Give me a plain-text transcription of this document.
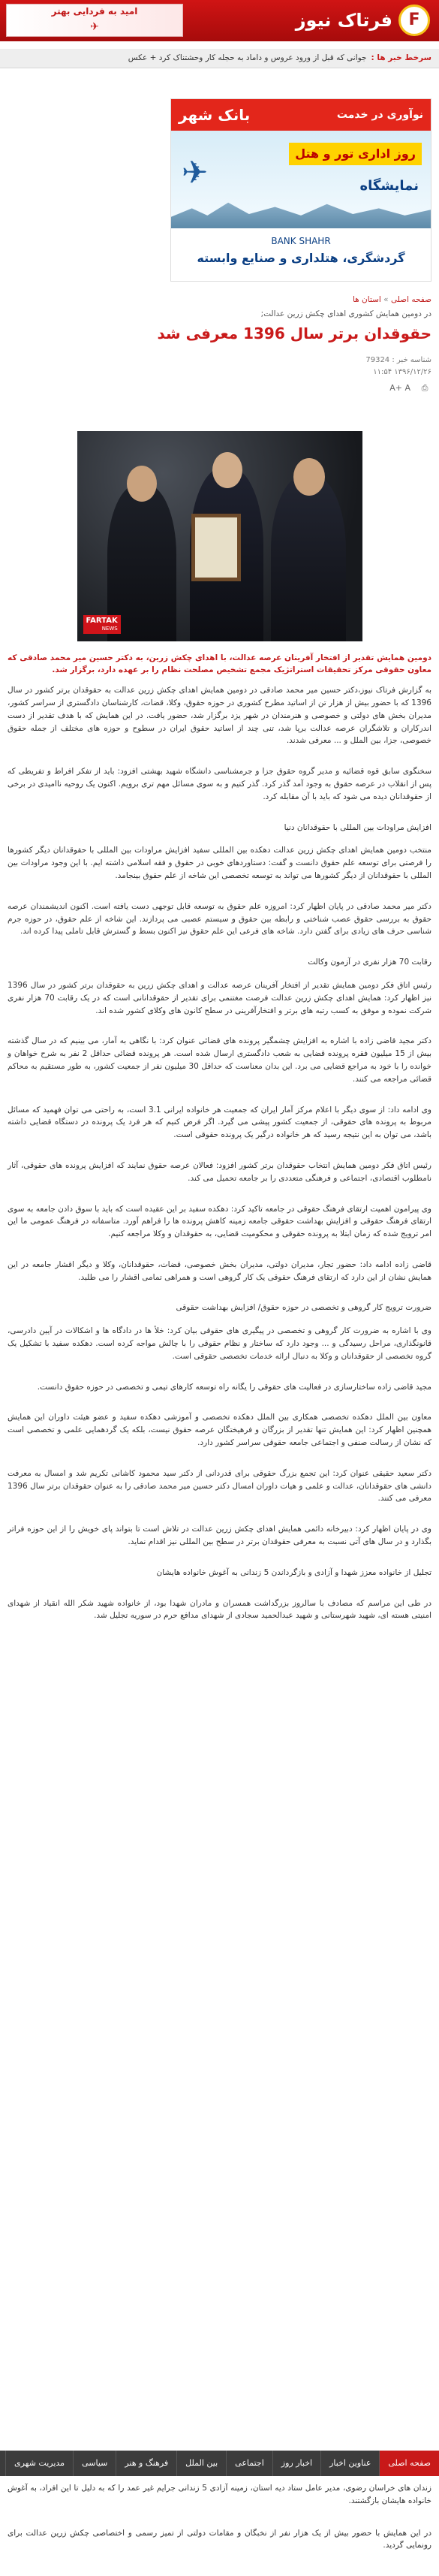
F
فرتاک نیوز
امید به فردایی بهتر
✈
سرخط خبر ها :
جوانی که قبل از ورود عروس و داماد به حجله کار وحشتناک کرد + عکس
نوآوری در خدمت
بانک شهر
✈
روز اداری تور و هتل
نمایشگاه
BANK SHAHR
گردشگری، هتلداری و صنایع وابسته
صفحه اصلی » استان ها
در دومین همایش کشوری اهدای چکش زرین عدالت;
حقوقدان برتر سال 1396 معرفی شد
شناسه خبر : 79324
۱۳۹۶/۱۲/۲۶ ۱۱:۵۴
⎙
A+ A
FARTAK
NEWS
دومین همایش تقدیر از افتخار آفرینان عرصه عدالت، با اهدای چکش زرین، به دکتر حسین میر محمد صادقی که معاون حقوقی مرکز تحقیقات استراتژیک مجمع تشخیص مصلحت نظام را بر عهده دارد، برگزار شد.

به گزارش فرتاک نیوز،دکتر حسین میر محمد صادقی در دومین همایش اهدای چکش زرین عدالت به حقوقدان برتر کشور در سال 1396 که با حضور بیش از هزار تن از اساتید مطرح کشوری در حوزه حقوق، وکلا، قضات، کارشناسان دادگستری از سراسر کشور، مدیران بخش های دولتی و خصوصی و هنرمندان در شهر یزد برگزار شد، حضور یافت. در این همایش که با هدف تقدیر از دست اندرکاران و تلاشگران عرصه عدالت برپا شد، تنی چند از اساتید حقوق ایران در سطوح و حوزه های مختلف از جمله حقوق خصوصی، جزا، بین الملل و ... معرفی شدند.

سخنگوی سابق قوه قضائیه و مدیر گروه حقوق جزا و جرمشناسی دانشگاه شهید بهشتی افزود: باید از تفکر افراط و تفریطی که پس از انقلاب در عرصه حقوق به وجود آمد گذر کرد. گذر کنیم و به سوی مسائل مهم تری برویم. اکنون یک روحیه ناامیدی در برخی از حقوقدانان دیده می شود که باید با آن مقابله کرد.

افزایش مراودات بین المللی با حقوقدانان دنیا

منتخب دومین همایش اهدای چکش زرین عدالت دهکده بین المللی سفید افزایش مراودات بین المللی با حقوقدانان دیگر کشورها را فرصتی برای توسعه علم حقوق دانست و گفت: دستاوردهای خوبی در حقوق و فقه اسلامی داشته ایم. با این وجود مراودات بین المللی با حقوقدانان از دیگر کشورها می تواند به توسعه تخصصی این شاخه از علم حقوق بینجامد.

دکتر میر محمد صادقی در پایان اظهار کرد: امروزه علم حقوق به توسعه قابل توجهی دست یافته است. اکنون اندیشمندان عرصه حقوق به بررسی حقوق عصب شناختی و رابطه بین حقوق و سیستم عصبی می پردازند. این شاخه از علم حقوق، در حوزه جرم شناسی حرف های زیادی برای گفتن دارد. شاخه های فرعی این علم حقوق نیز اکنون بسط و گسترش قابل تاملی پیدا کرده اند.

رقابت 70 هزار نفری در آزمون وکالت

رئیس اتاق فکر دومین همایش تقدیر از افتخار آفرینان عرصه عدالت و اهدای چکش زرین به حقوقدان برتر کشور در سال 1396 نیز اظهار کرد: همایش اهدای چکش زرین عدالت فرصت مغتنمی برای تقدیر از حقوقدانانی است که در یک رقابت 70 هزار نفری شرکت نموده و موفق به کسب رتبه های برتر و افتخارآفرینی در سطح کانون های وکلای کشور شده اند.

دکتر مجید قاضی زاده با اشاره به افزایش چشمگیر پرونده های قضائی عنوان کرد: با نگاهی به آمار، می بینیم که در سال گذشته بیش از 15 میلیون فقره پرونده قضایی به شعب دادگستری ارسال شده است. هر پرونده قضائی حداقل 2 نفر به شرح خواهان و خوانده را با خود به مراجع قضایی می برد. این بدان معناست که حداقل 30 میلیون نفر از جمعیت کشور، به طور مستقیم به محاکم قضائی مراجعه می کنند.

وی ادامه داد: از سوی دیگر با اعلام مرکز آمار ایران که جمعیت هر خانواده ایرانی 3.1 است، به راحتی می توان فهمید که مسائل مربوط به پرونده های حقوقی، از جمعیت کشور پیشی می گیرد. اگر فرض کنیم که هر فرد یک پرونده در دستگاه قضایی داشته باشد، می توان به این نتیجه رسید که هر خانواده درگیر یک پرونده حقوقی است.

رئیس اتاق فکر دومین همایش انتخاب حقوقدان برتر کشور افزود: فعالان عرصه حقوق نمایند که افزایش پرونده های حقوقی، آثار نامطلوب اقتصادی، اجتماعی و فرهنگی متعددی را بر جامعه تحمیل می کند.

وی پیرامون اهمیت ارتقای فرهنگ حقوقی در جامعه تاکید کرد: دهکده سفید بر این عقیده است که باید با سوق دادن جامعه به سوی ارتقای فرهنگ حقوقی و افزایش بهداشت حقوقی جامعه زمینه کاهش پرونده ها را فراهم آورد. متاسفانه در فرهنگ عمومی ما این امر ترویج شده که زمان ابتلا به پرونده حقوقی و محکومیت قضایی، به حقوقدان و وکلا مراجعه کنیم.

قاضی زاده ادامه داد: حضور تجار، مدیران دولتی، مدیران بخش خصوصی، قضات، حقوقدانان، وکلا و دیگر اقشار جامعه در این همایش نشان از این دارد که ارتقای فرهنگ حقوقی یک کار گروهی است و همراهی تمامی اقشار را می طلبد.

ضرورت ترویج کار گروهی و تخصصی در حوزه حقوق/ افزایش بهداشت حقوقی

وی با اشاره به ضرورت کار گروهی و تخصصی در پیگیری های حقوقی بیان کرد: خلأ ها در دادگاه ها و اشکالات در آیین دادرسی، قانونگذاری، مراحل رسیدگی و ... وجود دارد که ساختار و نظام حقوقی را با چالش مواجه کرده است. دهکده سفید با تشکیل یک گروه تخصصی از حقوقدانان و وکلا به دنبال ارائه خدمات تخصصی حقوقی است.

مجید قاضی زاده ساختارسازی در فعالیت های حقوقی را یگانه راه توسعه کارهای تیمی و تخصصی در حوزه حقوق دانست.

معاون بین الملل دهکده تخصصی همکاری بین الملل دهکده تخصصی و آموزشی دهکده سفید و عضو هیئت داوران این همایش همچنین اظهار کرد: این همایش تنها تقدیر از بزرگان و فرهیختگان عرصه حقوق نیست، بلکه یک گردهمایی علمی و تخصصی است که نشان از رسالت صنفی و اجتماعی جامعه حقوقی سراسر کشور دارد.

دکتر سعید حقیقی عنوان کرد: این تجمع بزرگ حقوقی برای قدردانی از دکتر سید محمود کاشانی تکریم شد و امسال به معرفت دانشی های حقوقدانان، عدالت و علمی و هیات داوران امسال دکتر حسین میر محمد صادقی را به عنوان حقوقدان برتر سال 1396 معرفی می کنند.

وی در پایان اظهار کرد: دبیرخانه دائمی همایش اهدای چکش زرین عدالت در تلاش است تا بتواند پای خویش را از این حوزه فراتر بگذارد و در سال های آتی نسبت به معرفی حقوقدان برتر در سطح بین المللی نیز اقدام نماید.

تجلیل از خانواده معزز شهدا و آزادی و بازگرداندن 5 زندانی به آغوش خانواده هایشان

در طی این مراسم که مصادف با سالروز بزرگداشت همسران و مادران شهدا بود، از خانواده شهید شکر الله انقیاد از شهدای امنیتی هسته ای، شهید شهرستانی و شهید عبدالحمید سجادی از شهدای مدافع حرم در سوریه تجلیل شد.

صفحه اصلی
عناوین اخبار
اخبار روز
اجتماعی
بین الملل
فرهنگ و هنر
سیاسی
مدیریت شهری

زندان های خراسان رضوی، مدیر عامل ستاد دیه استان، زمینه آزادی 5 زندانی جرایم غیر عمد را که به دلیل تا این افراد، به آغوش خانواده هایشان بازگشتند.

در این همایش با حضور بیش از یک هزار نفر از نخبگان و مقامات دولتی از تمیز رسمی و اختصاصی چکش زرین عدالت برای رونمایی گردید.
